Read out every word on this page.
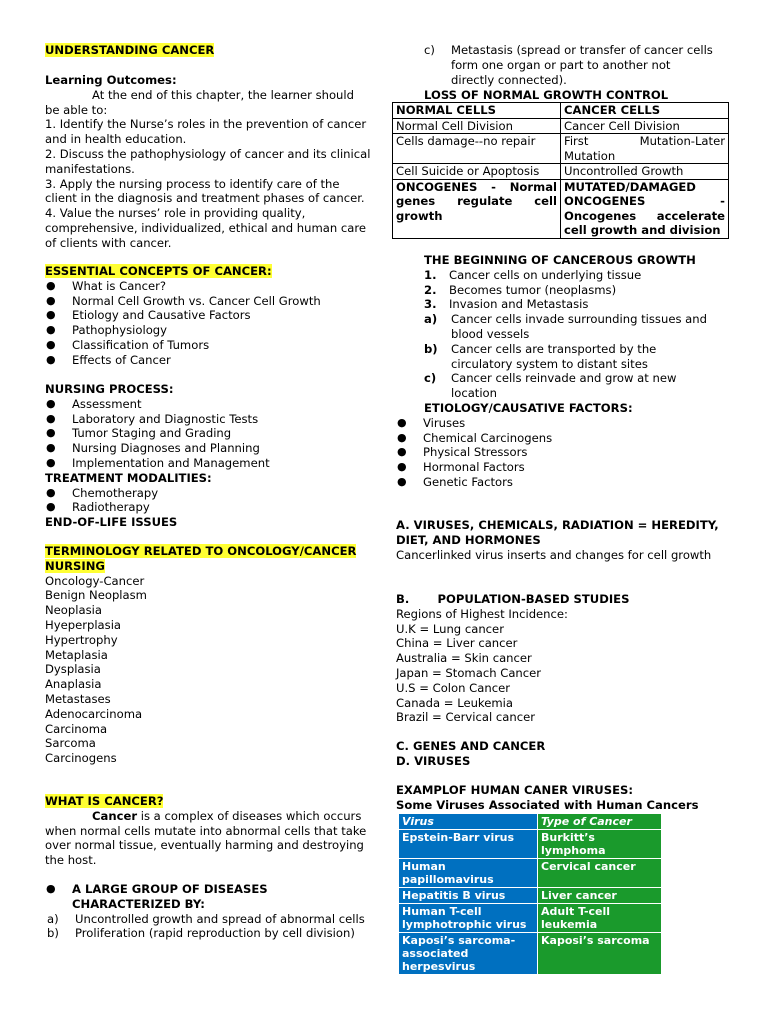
UNDERSTANDING CANCER

Learning Outcomes:

At the end of this chapter, the learner should be able to:

1. Identify the Nurse’s roles in the prevention of cancer and in health education.

2. Discuss the pathophysiology of cancer and its clinical manifestations.

3. Apply the nursing process to identify care of the client in the diagnosis and treatment phases of cancer.

4. Value the nurses’ role in providing quality, comprehensive, individualized, ethical and human care of clients with cancer.

ESSENTIAL CONCEPTS OF CANCER:
● What is Cancer?
● Normal Cell Growth vs. Cancer Cell Growth
● Etiology and Causative Factors
● Pathophysiology
● Classification of Tumors
● Effects of Cancer

NURSING PROCESS:

● Assessment
● Laboratory and Diagnostic Tests
● Tumor Staging and Grading
● Nursing Diagnoses and Planning
● Implementation and Management

TREATMENT MODALITIES:

● Chemotherapy
● Radiotherapy

END-OF-LIFE ISSUES

TERMINOLOGY RELATED TO ONCOLOGY/CANCER NURSING

Oncology-Cancer

Benign Neoplasm

Neoplasia

Hyeperplasia

Hypertrophy

Metaplasia

Dysplasia

Anaplasia

Metastases

Adenocarcinoma

Carcinoma

Sarcoma

Carcinogens

WHAT IS CANCER?

Cancer is a complex of diseases which occurs when normal cells mutate into abnormal cells that take over normal tissue, eventually harming and destroying the host.

● A LARGE GROUP OF DISEASES CHARACTERIZED BY:
a)	Uncontrolled growth and spread of abnormal cells
b)	Proliferation (rapid reproduction by cell division)
c)	Metastasis (spread or transfer of cancer cells form one organ or part to another not directly connected).

LOSS OF NORMAL GROWTH CONTROL
NORMAL CELLS	CANCER CELLS
Normal Cell Division	Cancer Cell Division
Cells damage--no repair	First Mutation-Later Mutation
Cell Suicide or Apoptosis	Uncontrolled Growth
ONCOGENES - Normal genes regulate cell growth	MUTATED/DAMAGED ONCOGENES - Oncogenes accelerate cell growth and division

THE BEGINNING OF CANCEROUS GROWTH

1. Cancer cells on underlying tissue
2. Becomes tumor (neoplasms)
3. Invasion and Metastasis
a) Cancer cells invade surrounding tissues and blood vessels
b) Cancer cells are transported by the circulatory system to distant sites
c) Cancer cells reinvade and grow at new location

ETIOLOGY/CAUSATIVE FACTORS:

● Viruses
● Chemical Carcinogens
● Physical Stressors
● Hormonal Factors
● Genetic Factors

A. VIRUSES, CHEMICALS, RADIATION = HEREDITY, DIET, AND HORMONES

Cancerlinked virus inserts and changes for cell growth

B.       POPULATION-BASED STUDIES

Regions of Highest Incidence:

U.K = Lung cancer

China = Liver cancer

Australia = Skin cancer

Japan = Stomach Cancer

U.S = Colon Cancer

Canada = Leukemia

Brazil = Cervical cancer

C. GENES AND CANCER

D. VIRUSES

EXAMPLOF HUMAN CANER VIRUSES:

Some Viruses Associated with Human Cancers

Virus	Type of Cancer
Epstein-Barr virus	Burkitt’s lymphoma
Human papillomavirus	Cervical cancer
Hepatitis B virus	Liver cancer
Human T-cell lymphotrophic virus	Adult T-cell leukemia
Kaposi’s sarcoma-associated herpesvirus	Kaposi’s sarcoma
